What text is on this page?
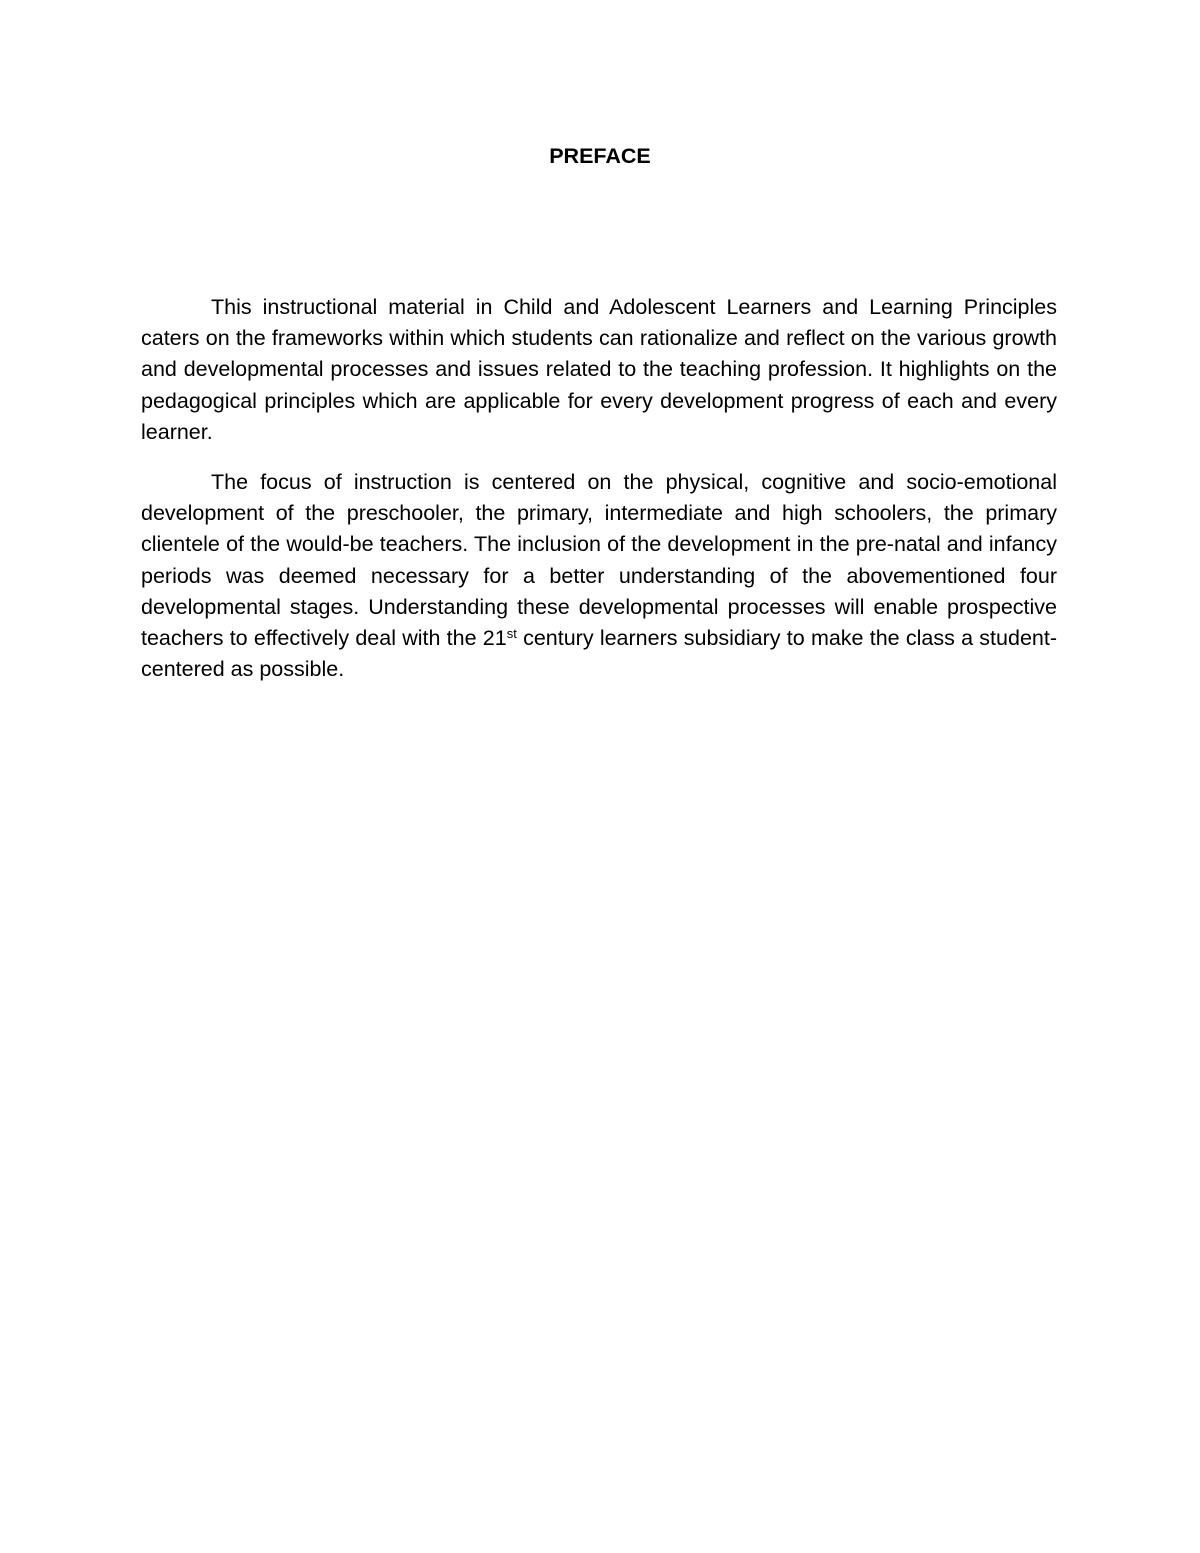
PREFACE

This instructional material in Child and Adolescent Learners and Learning Principles caters on the frameworks within which students can rationalize and reflect on the various growth and developmental processes and issues related to the teaching profession. It highlights on the pedagogical principles which are applicable for every development progress of each and every learner.

The focus of instruction is centered on the physical, cognitive and socio-emotional development of the preschooler, the primary, intermediate and high schoolers, the primary clientele of the would-be teachers. The inclusion of the development in the pre-natal and infancy periods was deemed necessary for a better understanding of the abovementioned four developmental stages. Understanding these developmental processes will enable prospective teachers to effectively deal with the 21st century learners subsidiary to make the class a student-centered as possible.
